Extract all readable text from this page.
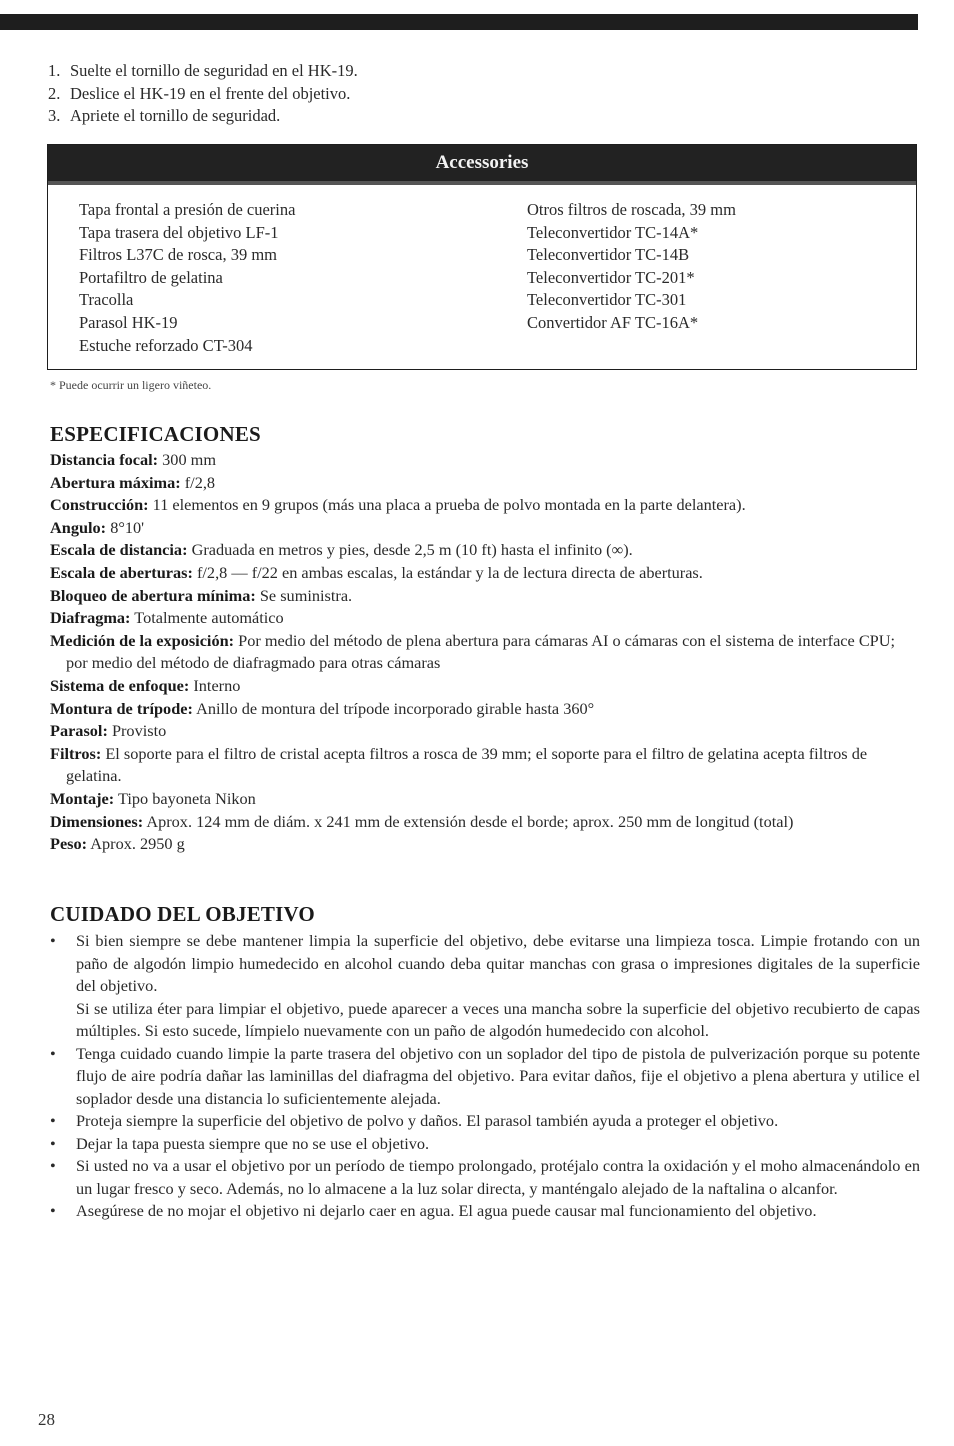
1. Suelte el tornillo de seguridad en el HK-19.
2. Deslice el HK-19 en el frente del objetivo.
3. Apriete el tornillo de seguridad.
Accessories
Tapa frontal a presión de cuerina
Tapa trasera del objetivo LF-1
Filtros L37C de rosca, 39 mm
Portafiltro de gelatina
Tracolla
Parasol HK-19
Estuche reforzado CT-304
Otros filtros de roscada, 39 mm
Teleconvertidor TC-14A*
Teleconvertidor TC-14B
Teleconvertidor TC-201*
Teleconvertidor TC-301
Convertidor AF TC-16A*
* Puede ocurrir un ligero viñeteo.
ESPECIFICACIONES
Distancia focal: 300 mm
Abertura máxima: f/2,8
Construcción: 11 elementos en 9 grupos (más una placa a prueba de polvo montada en la parte delantera).
Angulo: 8°10'
Escala de distancia: Graduada en metros y pies, desde 2,5 m (10 ft) hasta el infinito (∞).
Escala de aberturas: f/2,8 — f/22 en ambas escalas, la estándar y la de lectura directa de aberturas.
Bloqueo de abertura mínima: Se suministra.
Diafragma: Totalmente automático
Medición de la exposición: Por medio del método de plena abertura para cámaras AI o cámaras con el sistema de interface CPU; por medio del método de diafragmado para otras cámaras
Sistema de enfoque: Interno
Montura de trípode: Anillo de montura del trípode incorporado girable hasta 360°
Parasol: Provisto
Filtros: El soporte para el filtro de cristal acepta filtros a rosca de 39 mm; el soporte para el filtro de gelatina acepta filtros de gelatina.
Montaje: Tipo bayoneta Nikon
Dimensiones: Aprox. 124 mm de diám. x 241 mm de extensión desde el borde; aprox. 250 mm de longitud (total)
Peso: Aprox. 2950 g
CUIDADO DEL OBJETIVO
• Si bien siempre se debe mantener limpia la superficie del objetivo, debe evitarse una limpieza tosca. Limpie frotando con un paño de algodón limpio humedecido en alcohol cuando deba quitar manchas con grasa o impresiones digitales de la superficie del objetivo.
Si se utiliza éter para limpiar el objetivo, puede aparecer a veces una mancha sobre la superficie del objetivo recubierto de capas múltiples. Si esto sucede, límpielo nuevamente con un paño de algodón humedecido con alcohol.
• Tenga cuidado cuando limpie la parte trasera del objetivo con un soplador del tipo de pistola de pulverización porque su potente flujo de aire podría dañar las laminillas del diafragma del objetivo. Para evitar daños, fije el objetivo a plena abertura y utilice el soplador desde una distancia lo suficientemente alejada.
• Proteja siempre la superficie del objetivo de polvo y daños. El parasol también ayuda a proteger el objetivo.
• Dejar la tapa puesta siempre que no se use el objetivo.
• Si usted no va a usar el objetivo por un período de tiempo prolongado, protéjalo contra la oxidación y el moho almacenándolo en un lugar fresco y seco. Además, no lo almacene a la luz solar directa, y manténgalo alejado de la naftalina o alcanfor.
• Asegúrese de no mojar el objetivo ni dejarlo caer en agua. El agua puede causar mal funcionamiento del objetivo.
28
